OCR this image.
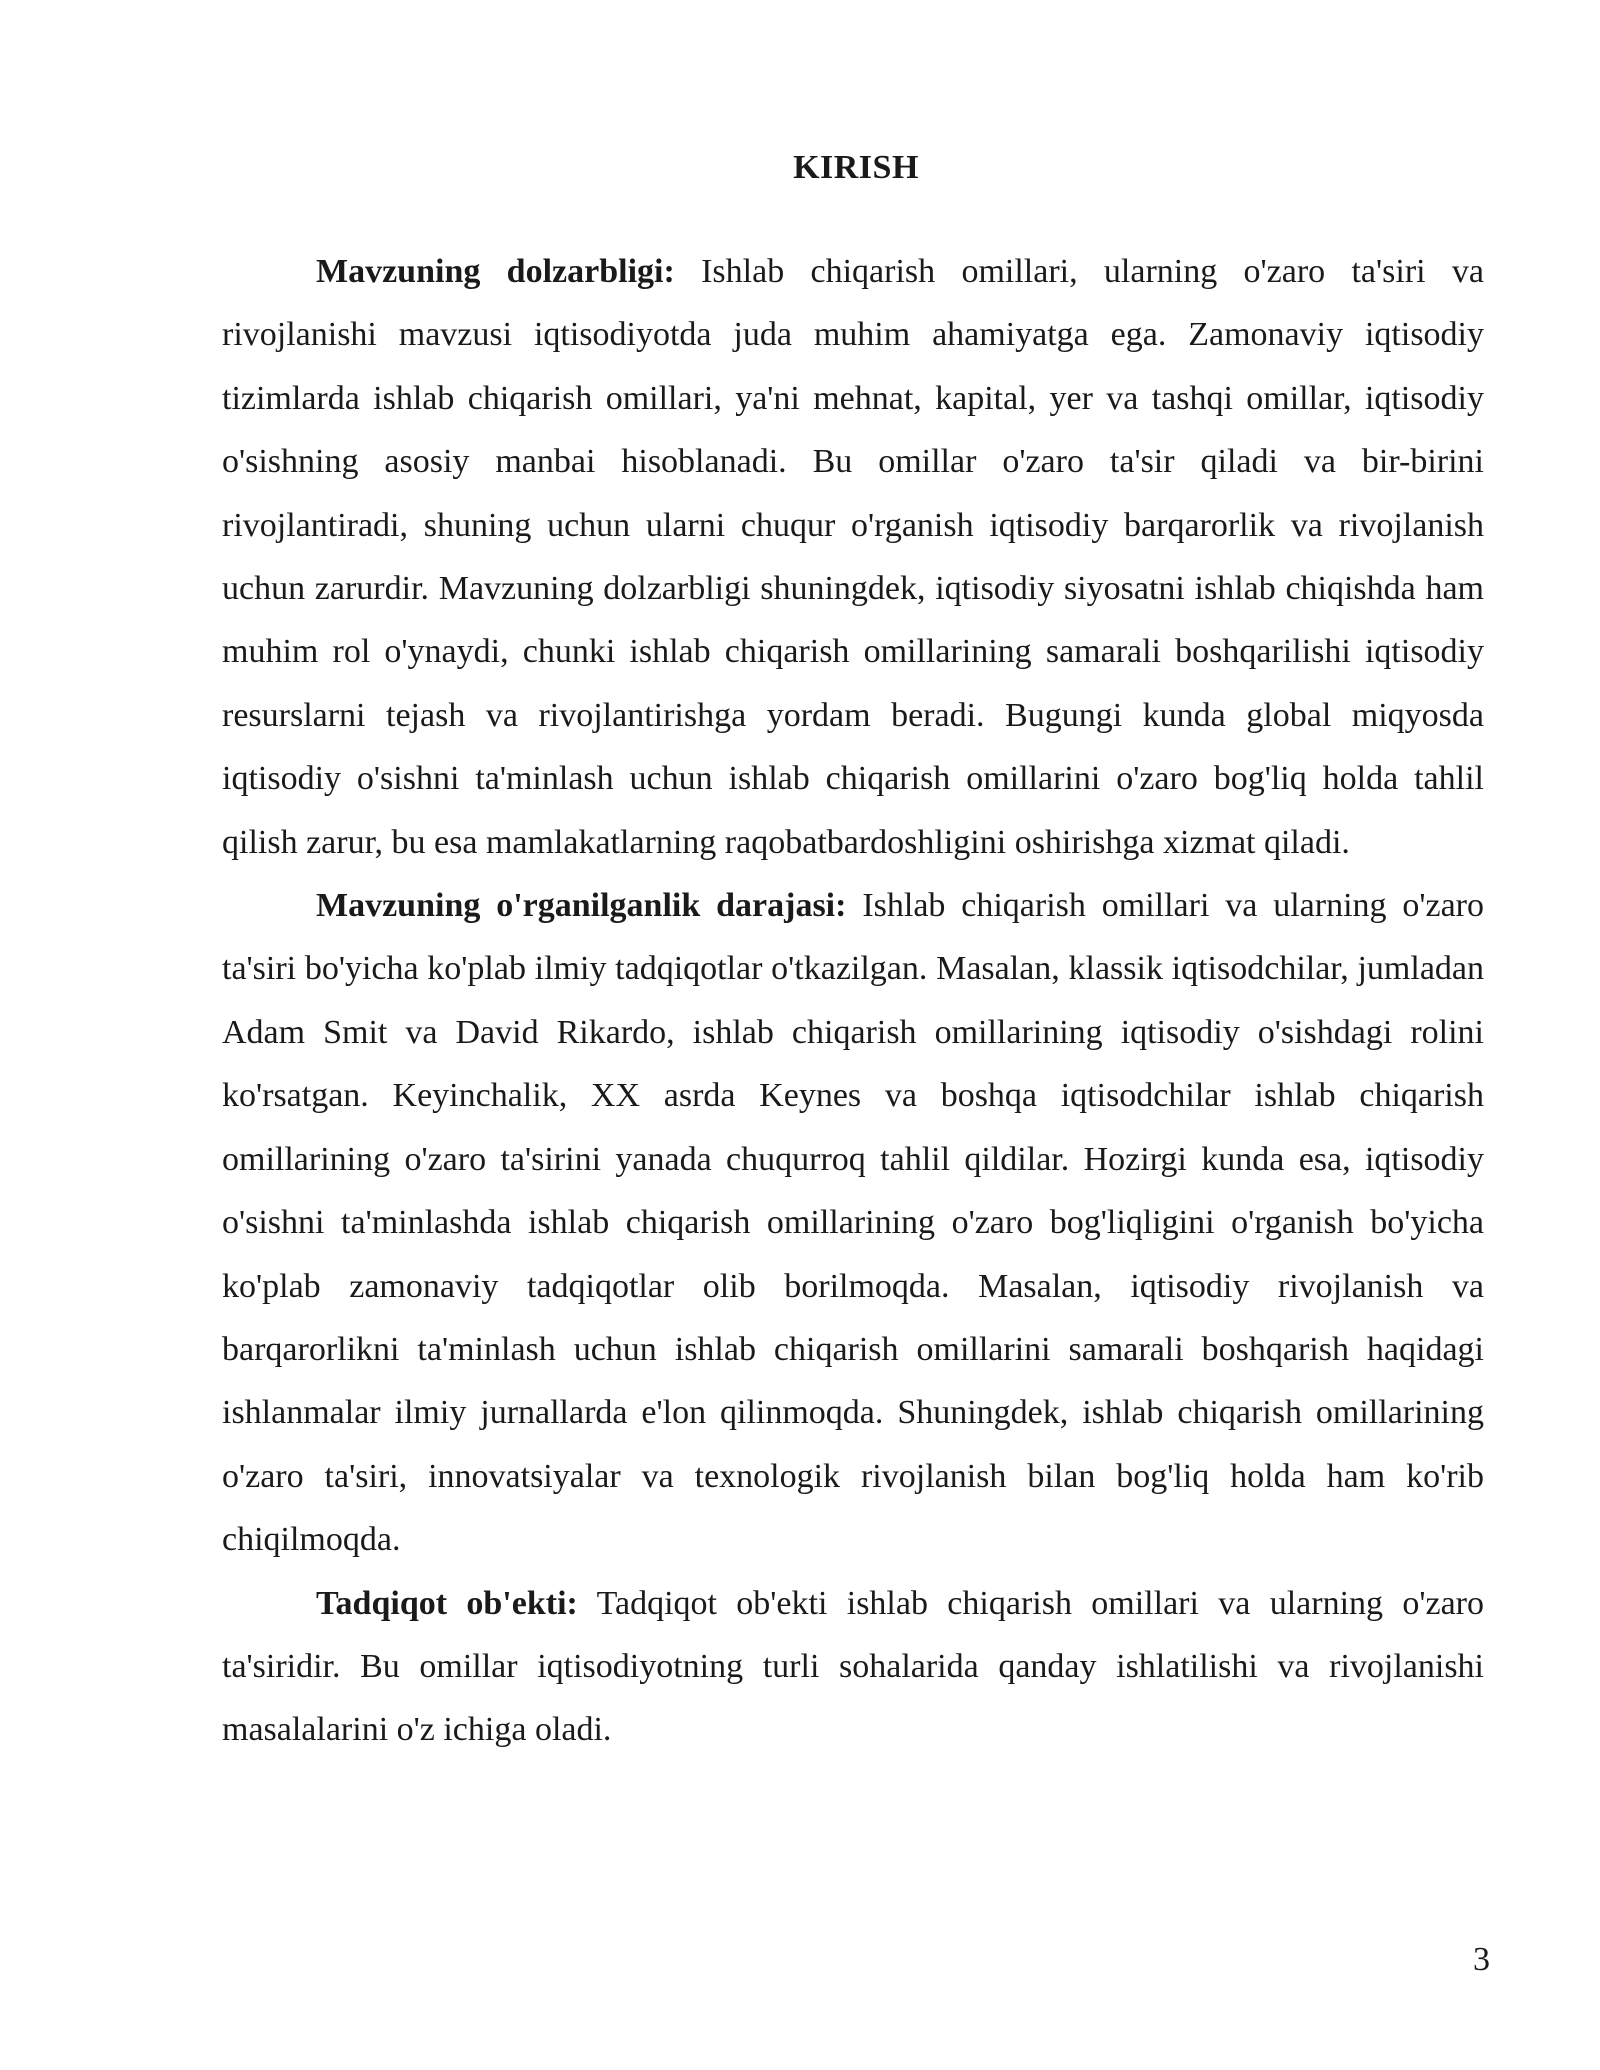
KIRISH

Mavzuning dolzarbligi: Ishlab chiqarish omillari, ularning o'zaro ta'siri va rivojlanishi mavzusi iqtisodiyotda juda muhim ahamiyatga ega. Zamonaviy iqtisodiy tizimlarda ishlab chiqarish omillari, ya'ni mehnat, kapital, yer va tashqi omillar, iqtisodiy o'sishning asosiy manbai hisoblanadi. Bu omillar o'zaro ta'sir qiladi va bir-birini rivojlantiradi, shuning uchun ularni chuqur o'rganish iqtisodiy barqarorlik va rivojlanish uchun zarurdir. Mavzuning dolzarbligi shuningdek, iqtisodiy siyosatni ishlab chiqishda ham muhim rol o'ynaydi, chunki ishlab chiqarish omillarining samarali boshqarilishi iqtisodiy resurslarni tejash va rivojlantirishga yordam beradi. Bugungi kunda global miqyosda iqtisodiy o'sishni ta'minlash uchun ishlab chiqarish omillarini o'zaro bog'liq holda tahlil qilish zarur, bu esa mamlakatlarning raqobatbardoshligini oshirishga xizmat qiladi.

Mavzuning o'rganilganlik darajasi: Ishlab chiqarish omillari va ularning o'zaro ta'siri bo'yicha ko'plab ilmiy tadqiqotlar o'tkazilgan. Masalan, klassik iqtisodchilar, jumladan Adam Smit va David Rikardo, ishlab chiqarish omillarining iqtisodiy o'sishdagi rolini ko'rsatgan. Keyinchalik, XX asrda Keynes va boshqa iqtisodchilar ishlab chiqarish omillarining o'zaro ta'sirini yanada chuqurroq tahlil qildilar. Hozirgi kunda esa, iqtisodiy o'sishni ta'minlashda ishlab chiqarish omillarining o'zaro bog'liqligini o'rganish bo'yicha ko'plab zamonaviy tadqiqotlar olib borilmoqda. Masalan, iqtisodiy rivojlanish va barqarorlikni ta'minlash uchun ishlab chiqarish omillarini samarali boshqarish haqidagi ishlanmalar ilmiy jurnallarda e'lon qilinmoqda. Shuningdek, ishlab chiqarish omillarining o'zaro ta'siri, innovatsiyalar va texnologik rivojlanish bilan bog'liq holda ham ko'rib chiqilmoqda.

Tadqiqot ob'ekti: Tadqiqot ob'ekti ishlab chiqarish omillari va ularning o'zaro ta'siridir. Bu omillar iqtisodiyotning turli sohalarida qanday ishlatilishi va rivojlanishi masalalarini o'z ichiga oladi.

3
